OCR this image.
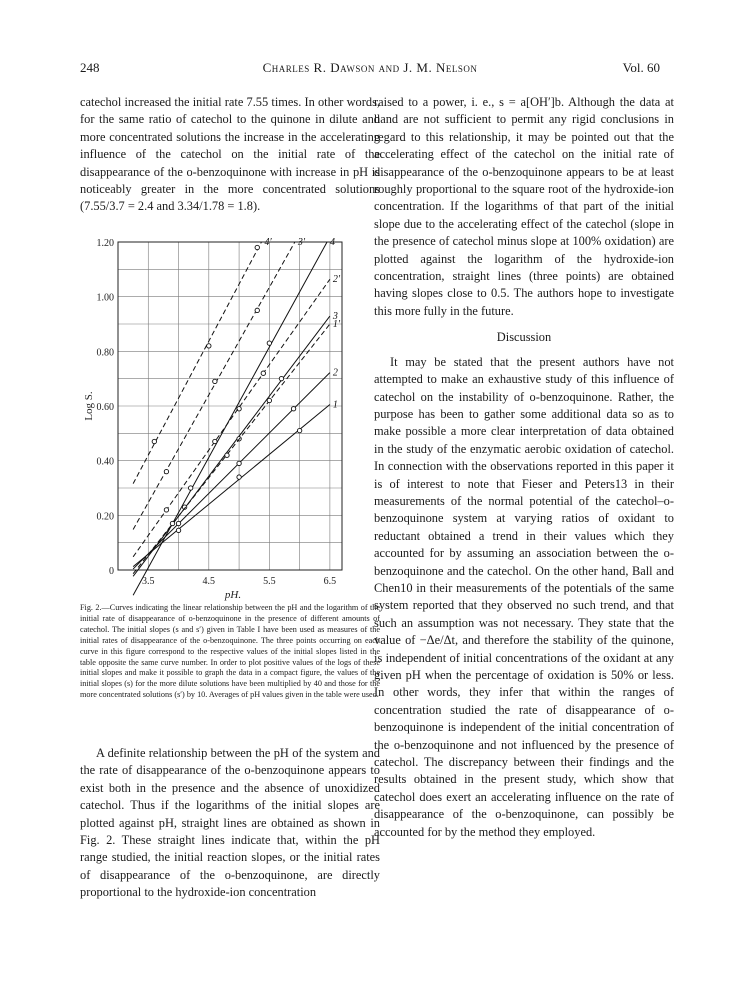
248	Charles R. Dawson and J. M. Nelson	Vol. 60

catechol increased the initial rate 7.55 times. In other words, for the same ratio of catechol to the quinone in dilute and more concentrated solutions the increase in the accelerating influence of the catechol on the initial rate of the disappearance of the o-benzoquinone with increase in pH is noticeably greater in the more concentrated solutions (7.55/3.7 = 2.4 and 3.34/1.78 = 1.8).

0
0.20
0.40
0.60
0.80
1.00
1.20
3.5	4.5	5.5	6.5
pH.
Log S.	1
2
3
4
1′
2′
3′
4′
Fig. 2.—Curves indicating the linear relationship between the pH and the logarithm of the initial rate of disappearance of o-benzoquinone in the presence of different amounts of catechol. The initial slopes (s and s′) given in Table I have been used as measures of the initial rates of disappearance of the o-benzoquinone. The three points occurring on each curve in this figure correspond to the respective values of the initial slopes listed in the table opposite the same curve number. In order to plot positive values of the logs of these initial slopes and make it possible to graph the data in a compact figure, the values of the initial slopes (s) for the more dilute solutions have been multiplied by 40 and those for the more concentrated solutions (s′) by 10. Averages of pH values given in the table were used.

A definite relationship between the pH of the system and the rate of disappearance of the o-benzoquinone appears to exist both in the presence and the absence of unoxidized catechol. Thus if the logarithms of the initial slopes are plotted against pH, straight lines are obtained as shown in Fig. 2. These straight lines indicate that, within the pH range studied, the initial reaction slopes, or the initial rates of disappearance of the o-benzoquinone, are directly proportional to the hydroxide-ion concentration

raised to a power, i. e., s = a[OH′]b. Although the data at hand are not sufficient to permit any rigid conclusions in regard to this relationship, it may be pointed out that the accelerating effect of the catechol on the initial rate of disappearance of the o-benzoquinone appears to be at least roughly proportional to the square root of the hydroxide-ion concentration. If the logarithms of that part of the initial slope due to the accelerating effect of the catechol (slope in the presence of catechol minus slope at 100% oxidation) are plotted against the logarithm of the hydroxide-ion concentration, straight lines (three points) are obtained having slopes close to 0.5. The authors hope to investigate this more fully in the future.

Discussion

It may be stated that the present authors have not attempted to make an exhaustive study of this influence of catechol on the instability of o-benzoquinone. Rather, the purpose has been to gather some additional data so as to make possible a more clear interpretation of data obtained in the study of the enzymatic aerobic oxidation of catechol. In connection with the observations reported in this paper it is of interest to note that Fieser and Peters13 in their measurements of the normal potential of the catechol–o-benzoquinone system at varying ratios of oxidant to reductant obtained a trend in their values which they accounted for by assuming an association between the o-benzoquinone and the catechol. On the other hand, Ball and Chen10 in their measurements of the potentials of the same system reported that they observed no such trend, and that such an assumption was not necessary. They state that the value of −Δe/Δt, and therefore the stability of the quinone, is independent of initial concentrations of the oxidant at any given pH when the percentage of oxidation is 50% or less. In other words, they infer that within the ranges of concentration studied the rate of disappearance of o-benzoquinone is independent of the initial concentration of the o-benzoquinone and not influenced by the presence of catechol. The discrepancy between their findings and the results obtained in the present study, which show that catechol does exert an accelerating influence on the rate of disappearance of the o-benzoquinone, can possibly be accounted for by the method they employed.
